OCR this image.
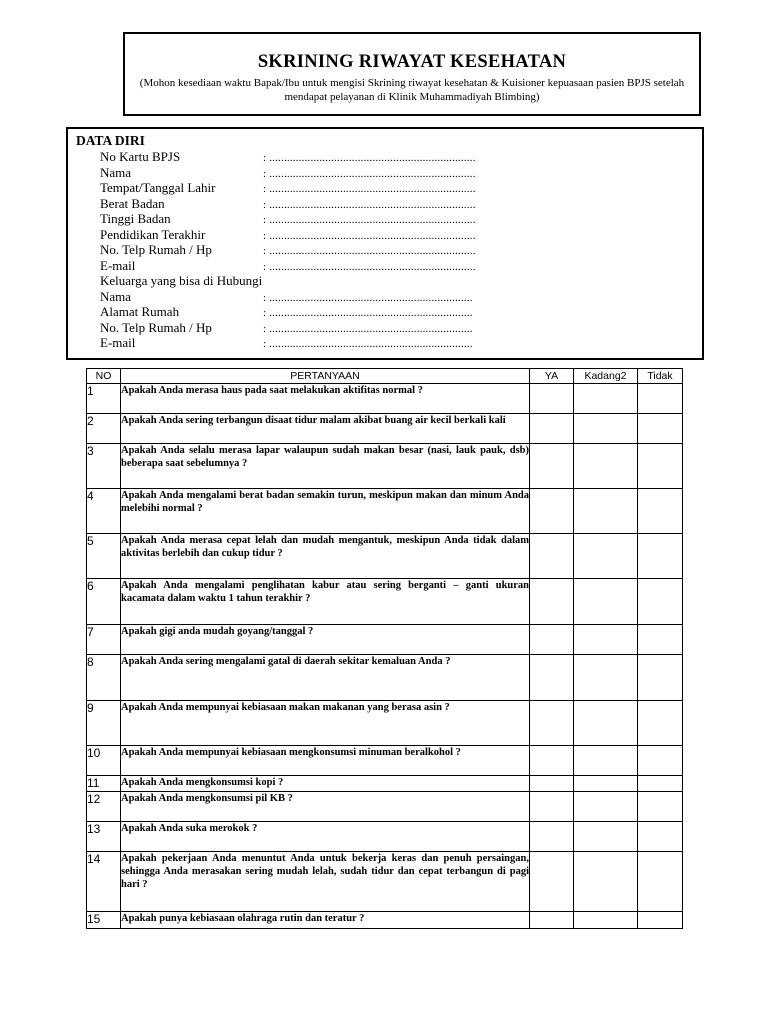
SKRINING RIWAYAT KESEHATAN
(Mohon kesediaan waktu Bapak/Ibu untuk mengisi Skrining riwayat kesehatan & Kuisioner kepuasaan pasien BPJS setelah mendapat pelayanan di Klinik Muhammadiyah Blimbing)
DATA DIRI
No Kartu BPJS	: ......................................................................
Nama	: ......................................................................
Tempat/Tanggal Lahir	: ......................................................................
Berat Badan	: ......................................................................
Tinggi Badan	: ......................................................................
Pendidikan Terakhir	: ......................................................................
No. Telp Rumah / Hp	: ......................................................................
E-mail	: ......................................................................
Keluarga yang bisa di Hubungi
Nama	: .....................................................................
Alamat Rumah	: .....................................................................
No. Telp Rumah / Hp	: .....................................................................
E-mail	: .....................................................................
NO	PERTANYAAN	YA	Kadang2	Tidak
1	Apakah Anda merasa haus pada saat melakukan aktifitas normal ?			
2	Apakah Anda sering terbangun disaat tidur malam akibat buang air kecil berkali kali			
3	Apakah Anda selalu merasa lapar walaupun sudah makan besar (nasi, lauk pauk, dsb) beberapa saat sebelumnya ?			
4	Apakah Anda mengalami berat badan semakin turun, meskipun makan dan minum Anda melebihi normal ?			
5	Apakah Anda merasa cepat lelah dan mudah mengantuk, meskipun Anda tidak dalam aktivitas berlebih dan cukup tidur ?			
6	Apakah Anda mengalami penglihatan kabur atau sering berganti – ganti ukuran kacamata dalam waktu 1 tahun terakhir ?			
7	Apakah gigi anda mudah goyang/tanggal ?			
8	Apakah Anda sering mengalami gatal di daerah sekitar kemaluan Anda ?			
9	Apakah Anda mempunyai kebiasaan makan makanan yang berasa asin ?			
10	Apakah Anda mempunyai kebiasaan mengkonsumsi minuman beralkohol ?			
11	Apakah Anda mengkonsumsi kopi ?			
12	Apakah Anda mengkonsumsi pil KB ?			
13	Apakah Anda suka merokok ?			
14	Apakah pekerjaan Anda menuntut Anda untuk bekerja keras dan penuh persaingan, sehingga Anda merasakan sering mudah lelah, sudah tidur dan cepat terbangun di pagi hari ?			
15	Apakah punya kebiasaan olahraga rutin dan teratur ?			
